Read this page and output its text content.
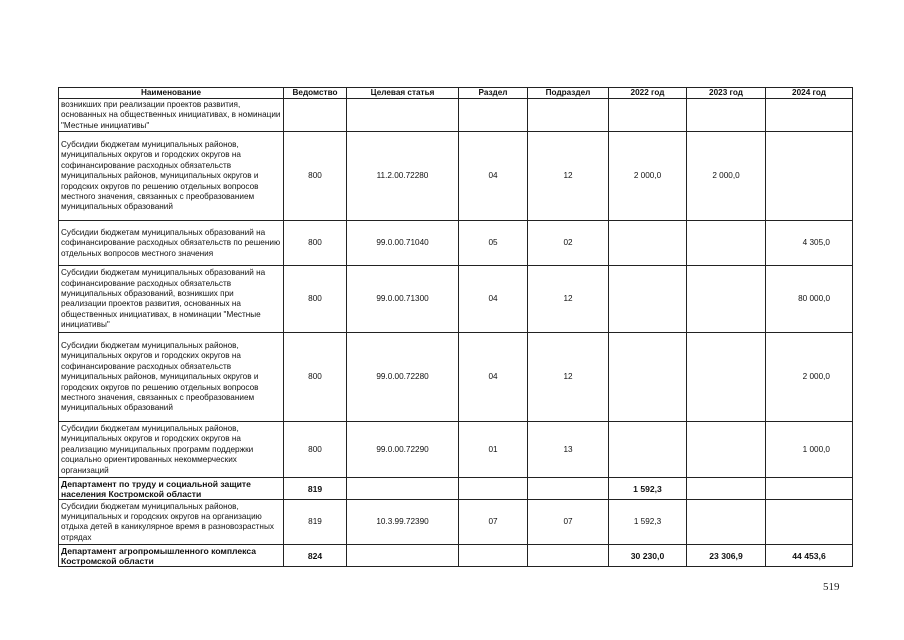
Наименование	Ведомство	Целевая статья	Раздел	Подраздел	2022 год	2023 год	2024 год
возникших при реализации проектов развития, основанных на общественных инициативах, в номинации "Местные инициативы"							
Субсидии бюджетам муниципальных районов, муниципальных округов и городских округов на софинансирование расходных обязательств муниципальных районов, муниципальных округов и городских округов по решению отдельных вопросов местного значения, связанных с преобразованием муниципальных образований	800	11.2.00.72280	04	12	2 000,0	2 000,0	
Субсидии бюджетам муниципальных образований на софинансирование расходных обязательств по решению отдельных вопросов местного значения	800	99.0.00.71040	05	02			4 305,0
Субсидии бюджетам муниципальных образований на софинансирование расходных обязательств муниципальных образований, возникших при реализации проектов развития, основанных на общественных инициативах, в номинации "Местные инициативы"	800	99.0.00.71300	04	12			80 000,0
Субсидии бюджетам муниципальных районов, муниципальных округов и городских округов на софинансирование расходных обязательств муниципальных районов, муниципальных округов и городских округов по решению отдельных вопросов местного значения, связанных с преобразованием муниципальных образований	800	99.0.00.72280	04	12			2 000,0
Субсидии бюджетам муниципальных районов, муниципальных округов и городских округов на реализацию муниципальных программ поддержки социально ориентированных некоммерческих организаций	800	99.0.00.72290	01	13			1 000,0
Департамент по труду и социальной защите населения Костромской области	819				1 592,3		
Субсидии бюджетам муниципальных районов, муниципальных и городских округов на организацию отдыха детей в каникулярное время в разновозрастных отрядах	819	10.3.99.72390	07	07	1 592,3		
Департамент агропромышленного комплекса Костромской области	824				30 230,0	23 306,9	44 453,6
519
